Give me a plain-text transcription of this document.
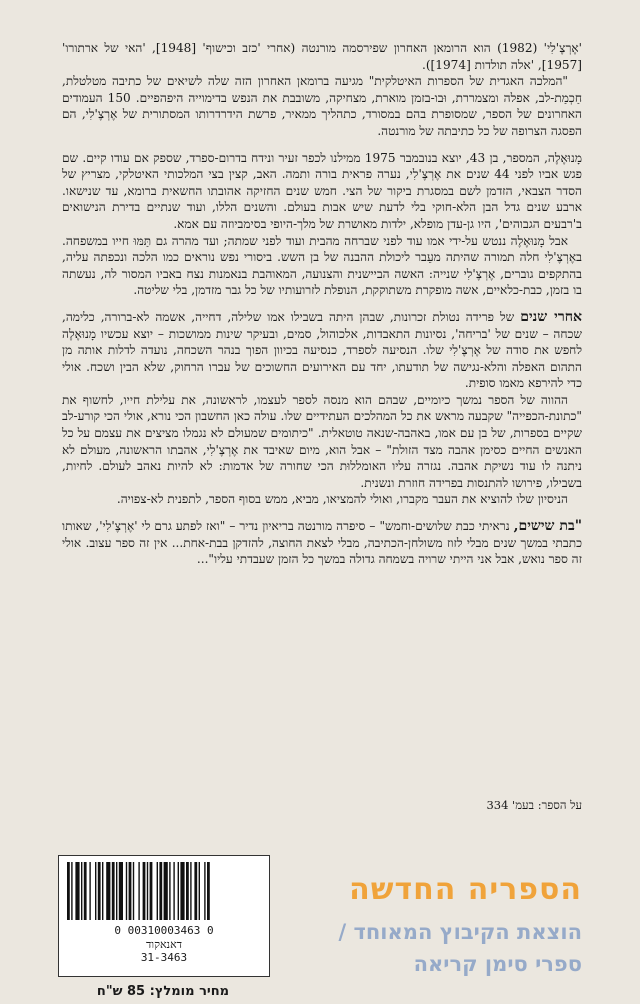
'אֶרְצֶ'לִי' (1982) הוא הרומאן האחרון שפירסמה מורנטה (אחרי 'כזב וכישוף' [1948], 'האי של ארתורו' [1957], 'אלה תולדות [1974]).

"המלכה האגדית של הספרות האיטלקית" מגיעה ברומאן האחרון הזה שלה לשיאים של כתיבה מטלטלת, חַכְמַת-לב, אפלה ומצמררת, וּבו-בזמן מוארת, מצחיקה, משובבת את הנפש בדימוייה היפהפיים. 150 העמודים האחרונים של הספר, שמסופרת בהם במסורד, כתהליך ממאיר, פרשת הידרדרותו המסתורית של אֶרְצֶ'לִי, הם הפסגה הצרופה של כל כתיבתה של מורנטה.

מָנוּאֶלֶה, המספר, בן 43, יוצא בנובמבר 1975 ממילנו לכפר זעיר ונידח בדרום-ספרד, שספק אם עודו קיים. שם פגש אביו לפני 44 שנים את אֶרְצֶ'לִי, נערה פראית בורה ותמה. האב, קצין בצי המלכותי האיטלקי, מצריץ של הסדר הצבאי, הזדמן לשם במסגרת ביקור של הצי. חמש שנים החזיקה אהובתו החשאית ברומא, עד שנישאו. ארבע שנים גדל הבן הלא-חוקי בלי לדעת שיש אבות בעולם. והשנים הללו, ועוד שנתיים בדירת הנישואים ב'רבעים הגבוהים', היו גן-עדן מופלא, ילדות מאושרת של מלך-היופי בסימביוזה עם אמא.

אבל מָנוּאֶלֶה ננטש על-ידי אמו עוד לפני שברחה מהבית ועוד לפני שמתה; ועד מהרה גם תַּמּוּ חייו במשפחה. באֶרְצֶ'לִי חלה תמורה שהיתה מעֵבר ליכולת ההבנה של בן השש. ביסורי נפש נוראים כמו הלכה ונכפתה עליה, בהתקפים גוברים, אֶרְצֶ'לִי שנייה: האשה הביישנית והצנועה, המאוהבת בנאמנות נצח באביו המסור לה, נעשתה בו בזמן, כבת-כלאיים, אשה מופקרת משתוקקת, הנופלת לזרועותיו של כל גבר מזדמן, בלי שליטה.

אחרי שנים של פרידה נטולת זכרונות, שבהן היתה בשבילו אמו שלילה, דחייה, אשמה לא-ברורה, כלימה, שכחה – שנים של 'בריחה', נסיונות התאבדות, אלכוהול, סמים, ובעיקר שינות ממושכות – יוצא עכשיו מָנוּאֶלֶה לחפש את סודה של אֶרְצֶ'לִי שלו. הנסיעה לספרד, כנסיעה בכיוון הפוך בנהר השכחה, נועדה לדלות אותה מן התהום האפלה והלא-נגישה של תודעתו, יחד עם האירועים החשוכים של עברו הרחוק, שלא הבין ושכח. אולי כדי להירפא מאמו סופית.

ההווה של הספר נמשך כיומיים, שבהם הוא מנסה לספר לעצמו, לראשונה, את עלילת חייו, לחשוף את "כתונת-הכפייה" שקבעה מראש את כל המהלכים העתידיים שלו. עולה כאן החשבון הכי נורא, אולי הכי קורע-לב שקיים בספרות, של בן עם אמו, באהבה-שנאה טוטאלית. "כיתומים שמעולם לא נגמלו מציצים את עצמם על כל האנשים החיים כסימן אהבה מצד הזולת" – אבל הוא, מיום שאיבד את אֶרְצֶ'לִי, אהבתו הראשונה, מעולם לא ניתנה לו עוד נשיקת אהבה. נגזרה עליו האומללוּת הכי שחורה של אדמות: לא להיות נאהב לעולם. לחיות, בשבילו, פירושו להתנסות בפרידה חוזרת ונשנית.

הניסיון שלו להוציא את העבר מקברו, ואולי להמציאו, מביא, ממש בסוף הספר, לתפנית לא-צפויה.

"בת שישים, נראיתי כבת שלושים-וחמש" – סיפרה מורנטה בריאיון נדיר – "ואז לפתע גרם לי 'אֶרְצֶ'לִי', שאותו כתבתי במשך שנים מבלי לזוז משולחן-הכתיבה, מבלי לצאת החוצה, להזדקן בבת-אחת... אין זה ספר עצוב. אולי זה ספר נואש, אבל אני הייתי שרויה בשמחה גדולה במשך כל הזמן שעבדתי עליו"...

על הספר: בעמ' 334
0 00310003463 0
דאנאקוד
31-3463
מחיר מומלץ: 85 ש"ח
הספריה החדשה
הוצאת הקיבוץ המאוחד /
ספרי סימן קריאה
